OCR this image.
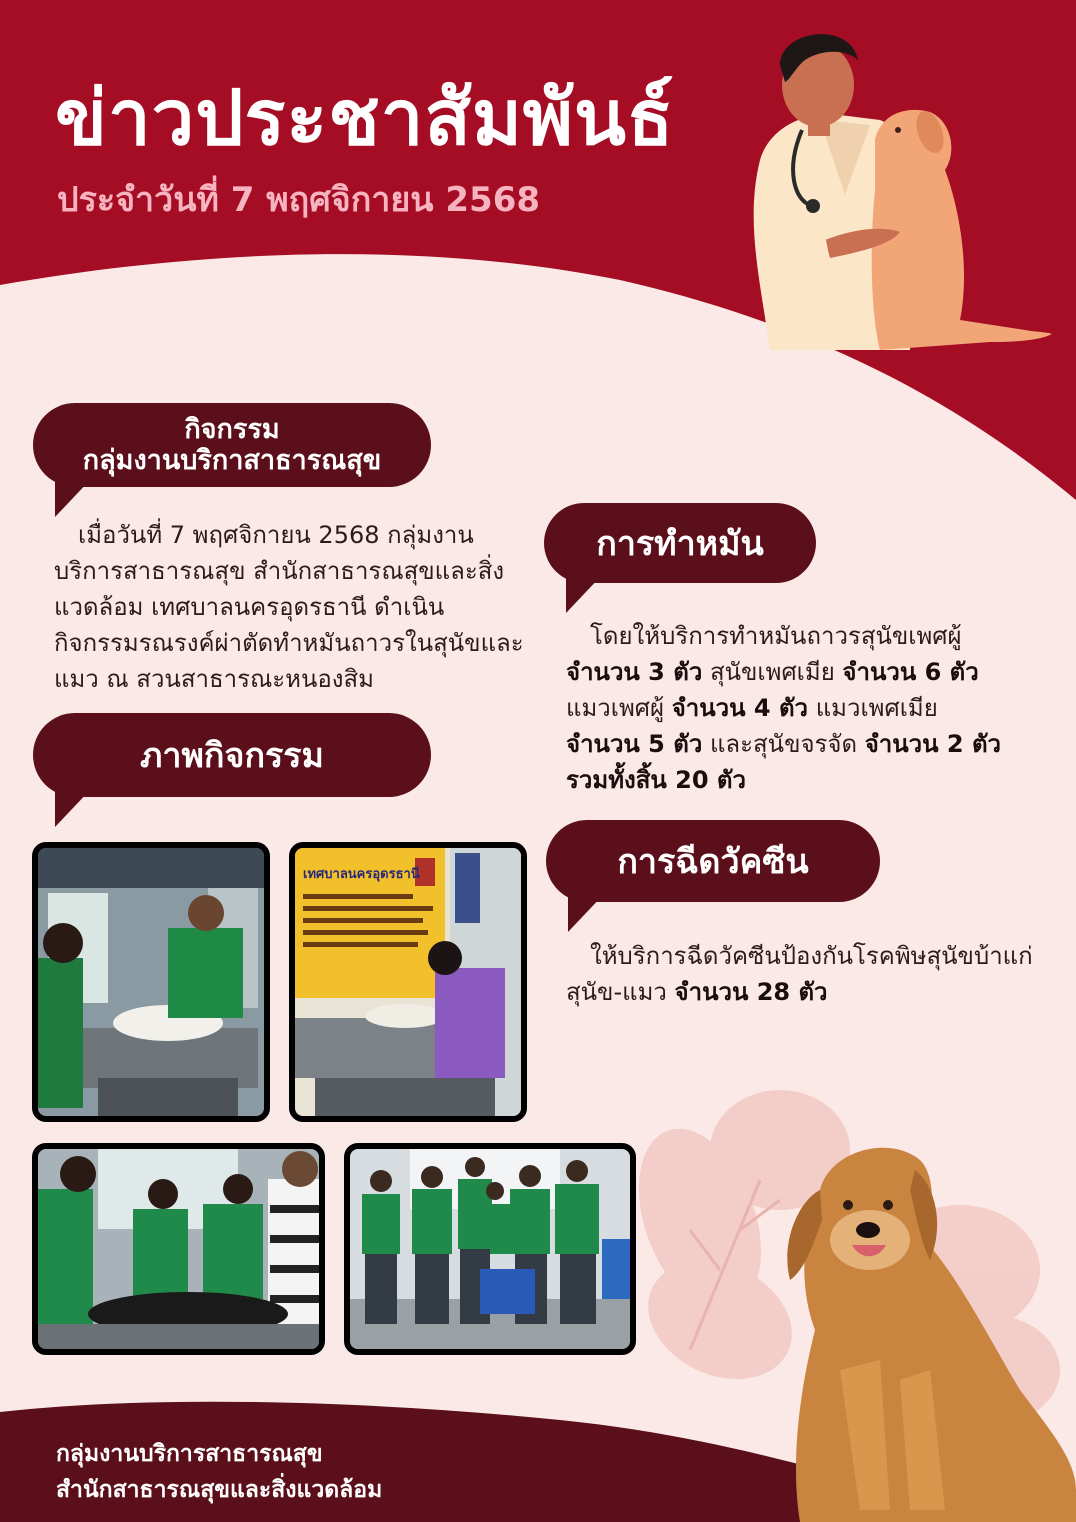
ข่าวประชาสัมพันธ์
ประจำวันที่ 7 พฤศจิกายน 2568
กิจกรรม
กลุ่มงานบริกาสาธารณสุข
เมื่อวันที่ 7 พฤศจิกายน 2568 กลุ่มงานบริการสาธารณสุข สำนักสาธารณสุขและสิ่งแวดล้อม เทศบาลนครอุดรธานี ดำเนินกิจกรรมรณรงค์ผ่าตัดทำหมันถาวรในสุนัขและแมว ณ สวนสาธารณะหนองสิม
ภาพกิจกรรม
เทศบาลนครอุดรธานี
การทำหมัน
โดยให้บริการทำหมันถาวรสุนัขเพศผู้
จำนวน 3 ตัว สุนัขเพศเมีย จำนวน 6 ตัว
แมวเพศผู้ จำนวน 4 ตัว แมวเพศเมีย
จำนวน 5 ตัว และสุนัขจรจัด จำนวน 2 ตัว
รวมทั้งสิ้น 20 ตัว
การฉีดวัคซีน
ให้บริการฉีดวัคซีนป้องกันโรคพิษสุนัขบ้าแก่สุนัข-แมว จำนวน 28 ตัว
กลุ่มงานบริการสาธารณสุข
สำนักสาธารณสุขและสิ่งแวดล้อม
